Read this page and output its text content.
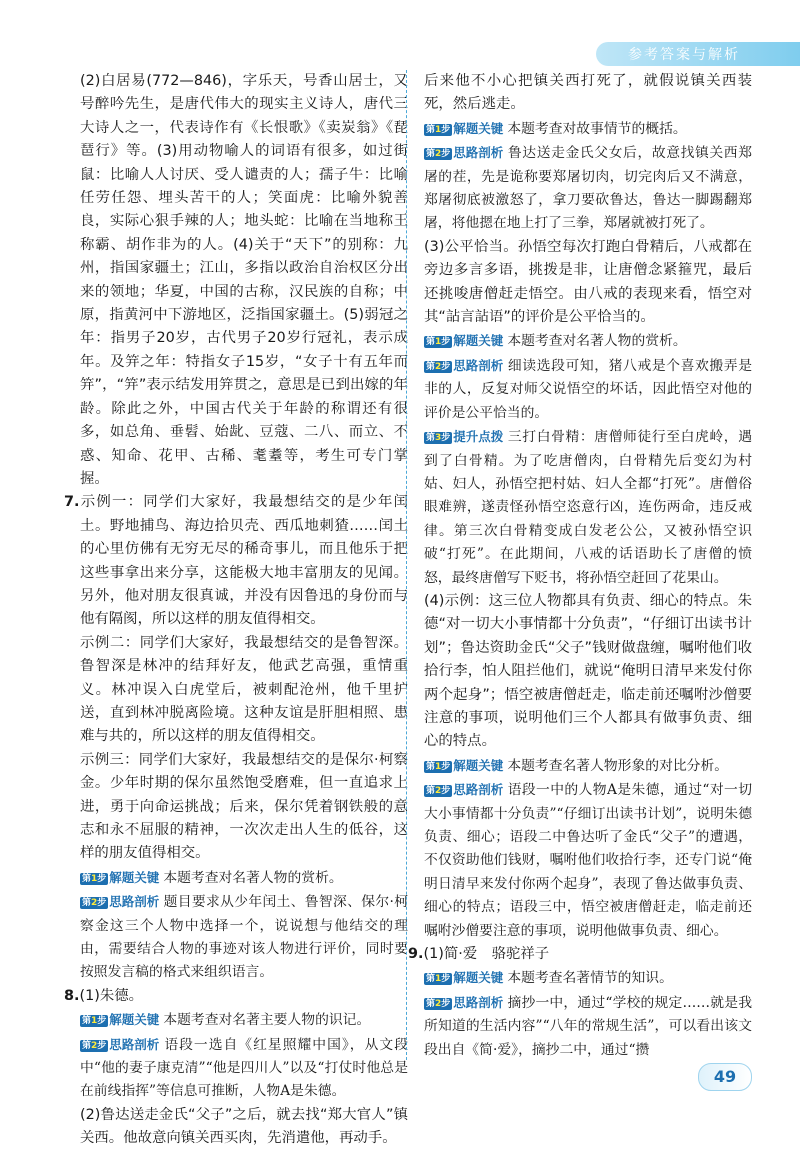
参考答案与解析

(2)白居易(772—846)，字乐天，号香山居士，又号醉吟先生，是唐代伟大的现实主义诗人，唐代三大诗人之一，代表诗作有《长恨歌》《卖炭翁》《琵琶行》等。(3)用动物喻人的词语有很多，如过街鼠：比喻人人讨厌、受人谴责的人；孺子牛：比喻任劳任怨、埋头苦干的人；笑面虎：比喻外貌善良，实际心狠手辣的人；地头蛇：比喻在当地称王称霸、胡作非为的人。(4)关于“天下”的别称：九州，指国家疆土；江山，多指以政治自治权区分出来的领地；华夏，中国的古称，汉民族的自称；中原，指黄河中下游地区，泛指国家疆土。(5)弱冠之年：指男子20岁，古代男子20岁行冠礼，表示成年。及笄之年：特指女子15岁，“女子十有五年而笄”，“笄”表示结发用笄贯之，意思是已到出嫁的年龄。除此之外，中国古代关于年龄的称谓还有很多，如总角、垂髫、始龀、豆蔻、二八、而立、不惑、知命、花甲、古稀、耄耋等，考生可专门掌握。

7.示例一：同学们大家好，我最想结交的是少年闰土。野地捕鸟、海边拾贝壳、西瓜地刺猹……闰土的心里仿佛有无穷无尽的稀奇事儿，而且他乐于把这些事拿出来分享，这能极大地丰富朋友的见闻。另外，他对朋友很真诚，并没有因鲁迅的身份而与他有隔阂，所以这样的朋友值得相交。

示例二：同学们大家好，我最想结交的是鲁智深。鲁智深是林冲的结拜好友，他武艺高强，重情重义。林冲误入白虎堂后，被刺配沧州，他千里护送，直到林冲脱离险境。这种友谊是肝胆相照、患难与共的，所以这样的朋友值得相交。

示例三：同学们大家好，我最想结交的是保尔·柯察金。少年时期的保尔虽然饱受磨难，但一直追求上进，勇于向命运挑战；后来，保尔凭着钢铁般的意志和永不屈服的精神，一次次走出人生的低谷，这样的朋友值得相交。

第1步 解题关键 本题考查对名著人物的赏析。

第2步 思路剖析 题目要求从少年闰土、鲁智深、保尔·柯察金这三个人物中选择一个，说说想与他结交的理由，需要结合人物的事迹对该人物进行评价，同时要按照发言稿的格式来组织语言。

8.(1)朱德。

第1步 解题关键 本题考查对名著主要人物的识记。

第2步 思路剖析 语段一选自《红星照耀中国》，从文段中“他的妻子康克清”“他是四川人”以及“打仗时他总是在前线指挥”等信息可推断，人物A是朱德。

(2)鲁达送走金氏“父子”之后，就去找“郑大官人”镇关西。他故意向镇关西买肉，先消遣他，再动手。

后来他不小心把镇关西打死了，就假说镇关西装死，然后逃走。

第1步 解题关键 本题考查对故事情节的概括。

第2步 思路剖析 鲁达送走金氏父女后，故意找镇关西郑屠的茬，先是诡称要郑屠切肉，切完肉后又不满意，郑屠彻底被激怒了，拿刀要砍鲁达，鲁达一脚踢翻郑屠，将他摁在地上打了三拳，郑屠就被打死了。

(3)公平恰当。孙悟空每次打跑白骨精后，八戒都在旁边多言多语，挑拨是非，让唐僧念紧箍咒，最后还挑唆唐僧赶走悟空。由八戒的表现来看，悟空对其“詀言詀语”的评价是公平恰当的。

第1步 解题关键 本题考查对名著人物的赏析。

第2步 思路剖析 细读选段可知，猪八戒是个喜欢搬弄是非的人，反复对师父说悟空的坏话，因此悟空对他的评价是公平恰当的。

第3步 提升点拨 三打白骨精：唐僧师徒行至白虎岭，遇到了白骨精。为了吃唐僧肉，白骨精先后变幻为村姑、妇人，孙悟空把村姑、妇人全都“打死”。唐僧俗眼难辨，遂责怪孙悟空恣意行凶，连伤两命，违反戒律。第三次白骨精变成白发老公公，又被孙悟空识破“打死”。在此期间，八戒的话语助长了唐僧的愤怒，最终唐僧写下贬书，将孙悟空赶回了花果山。

(4)示例：这三位人物都具有负责、细心的特点。朱德“对一切大小事情都十分负责”，“仔细订出读书计划”；鲁达资助金氏“父子”钱财做盘缠，嘱咐他们收拾行李，怕人阻拦他们，就说“俺明日清早来发付你两个起身”；悟空被唐僧赶走，临走前还嘱咐沙僧要注意的事项，说明他们三个人都具有做事负责、细心的特点。

第1步 解题关键 本题考查名著人物形象的对比分析。

第2步 思路剖析 语段一中的人物A是朱德，通过“对一切大小事情都十分负责”“仔细订出读书计划”，说明朱德负责、细心；语段二中鲁达听了金氏“父子”的遭遇，不仅资助他们钱财，嘱咐他们收拾行李，还专门说“俺明日清早来发付你两个起身”，表现了鲁达做事负责、细心的特点；语段三中，悟空被唐僧赶走，临走前还嘱咐沙僧要注意的事项，说明他做事负责、细心。

9.(1)简·爱　骆驼祥子

第1步 解题关键 本题考查名著情节的知识。

第2步 思路剖析 摘抄一中，通过“学校的规定……就是我所知道的生活内容”“八年的常规生活”，可以看出该文段出自《简·爱》，摘抄二中，通过“攒

49
